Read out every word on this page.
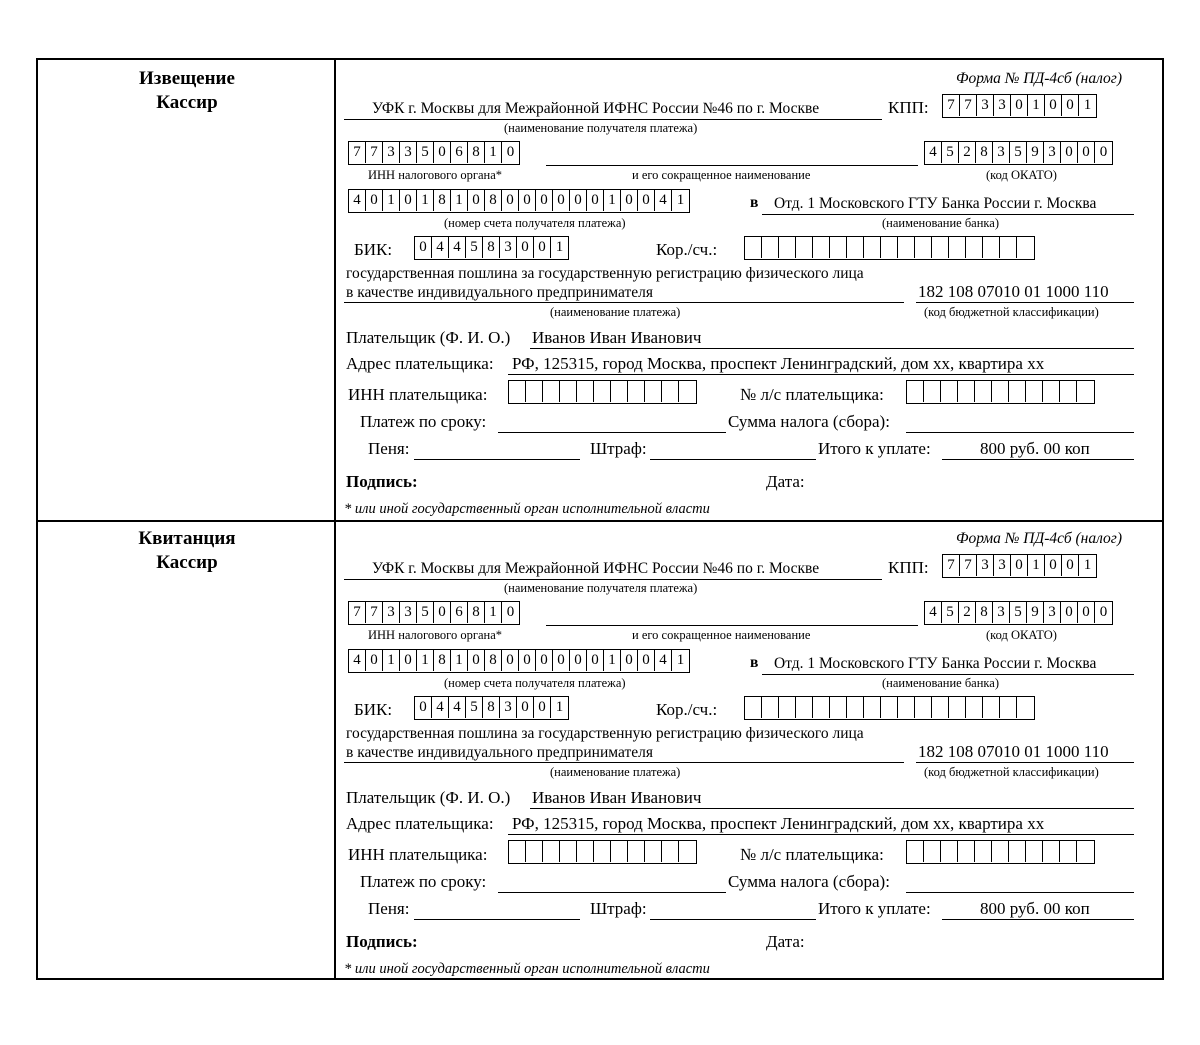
Извещение
Кассир
Форма № ПД-4сб (налог)
УФК г. Москвы для Межрайонной ИФНС России №46 по г. Москве
(наименование получателя платежа)
КПП: 7 7 3 3 0 1 0 0 1
7 7 3 3 5 0 6 8 1 0	4 5 2 8 3 5 9 3 0 0 0
ИНН налогового органа*	и его сокращенное наименование	(код ОКАТО)
4 0 1 0 1 8 1 0 8 0 0 0 0 0 0 1 0 0 4 1	в Отд. 1 Московского ГТУ Банка России г. Москва
(номер счета получателя платежа)	(наименование банка)
БИК: 0 4 4 5 8 3 0 0 1	Кор./сч.:
государственная пошлина за государственную регистрацию физического лица
в качестве индивидуального предпринимателя	182 108 07010 01 1000 110
(наименование платежа)	(код бюджетной классификации)
Плательщик (Ф. И. О.) Иванов Иван Иванович
Адрес плательщика: РФ, 125315, город Москва, проспект Ленинградский, дом хх, квартира хх
ИНН плательщика:	№ л/с плательщика:
Платеж по сроку:	Сумма налога (сбора):
Пеня:	Штраф:	Итого к уплате:	800 руб. 00 коп
Подпись:	Дата:
* или иной государственный орган исполнительной власти
Квитанция
Кассир
Форма № ПД-4сб (налог)
УФК г. Москвы для Межрайонной ИФНС России №46 по г. Москве
(наименование получателя платежа)
КПП: 7 7 3 3 0 1 0 0 1
7 7 3 3 5 0 6 8 1 0	4 5 2 8 3 5 9 3 0 0 0
ИНН налогового органа*	и его сокращенное наименование	(код ОКАТО)
4 0 1 0 1 8 1 0 8 0 0 0 0 0 0 1 0 0 4 1	в Отд. 1 Московского ГТУ Банка России г. Москва
(номер счета получателя платежа)	(наименование банка)
БИК: 0 4 4 5 8 3 0 0 1	Кор./сч.:
государственная пошлина за государственную регистрацию физического лица
в качестве индивидуального предпринимателя	182 108 07010 01 1000 110
(наименование платежа)	(код бюджетной классификации)
Плательщик (Ф. И. О.) Иванов Иван Иванович
Адрес плательщика: РФ, 125315, город Москва, проспект Ленинградский, дом хх, квартира хх
ИНН плательщика:	№ л/с плательщика:
Платеж по сроку:	Сумма налога (сбора):
Пеня:	Штраф:	Итого к уплате:	800 руб. 00 коп
Подпись:	Дата:
* или иной государственный орган исполнительной власти
